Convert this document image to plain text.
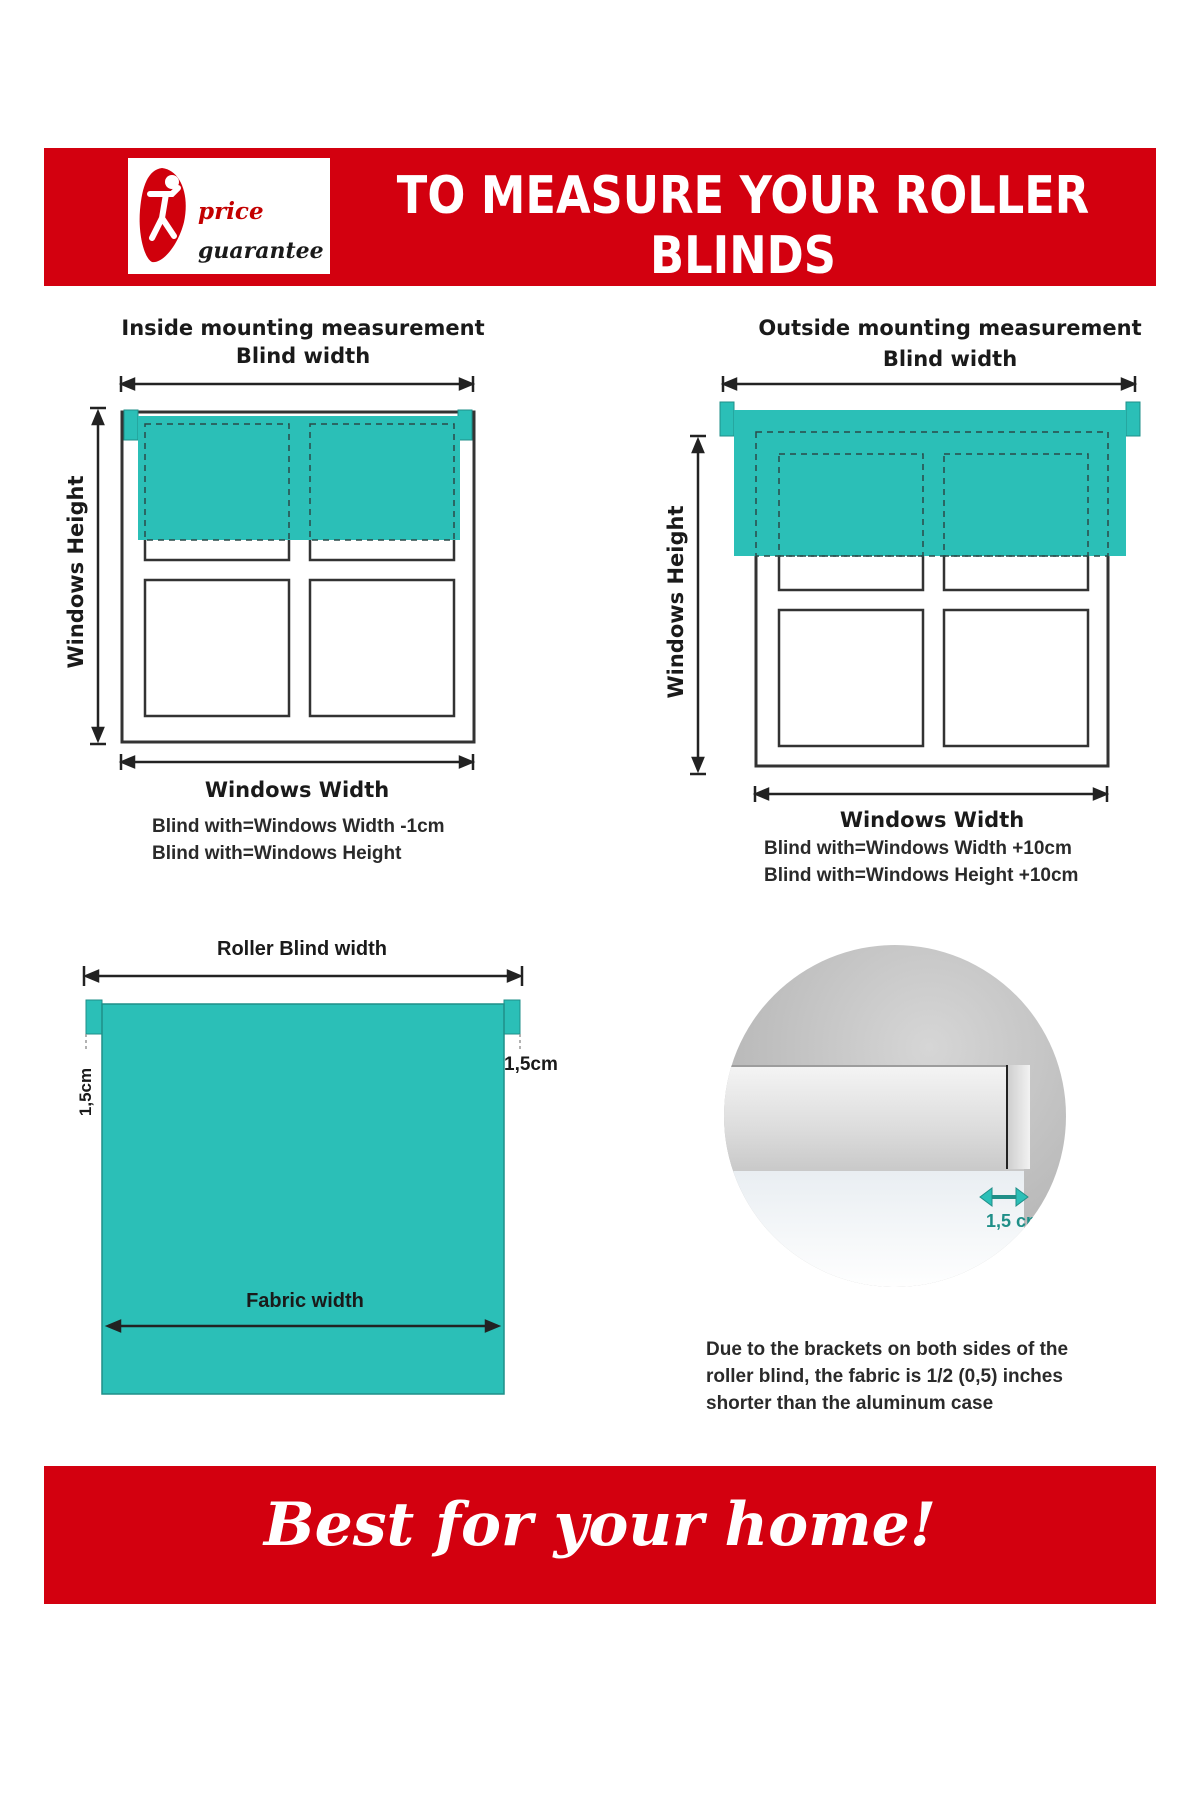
price
guarantee
TO MEASURE YOUR ROLLER BLINDS
Inside mounting measurement
Blind width
Windows Height
Windows Width
Blind with=Windows Width -1cm
Blind with=Windows Height
Outside mounting measurement
Blind width
Windows Height
Windows Width
Blind with=Windows Width +10cm
Blind with=Windows Height +10cm
Roller Blind width
1,5cm
1,5cm
Fabric width
1,5 cm
Due to the brackets on both sides of the
roller blind, the fabric is 1/2 (0,5) inches
shorter than the aluminum case
Best for your home!
